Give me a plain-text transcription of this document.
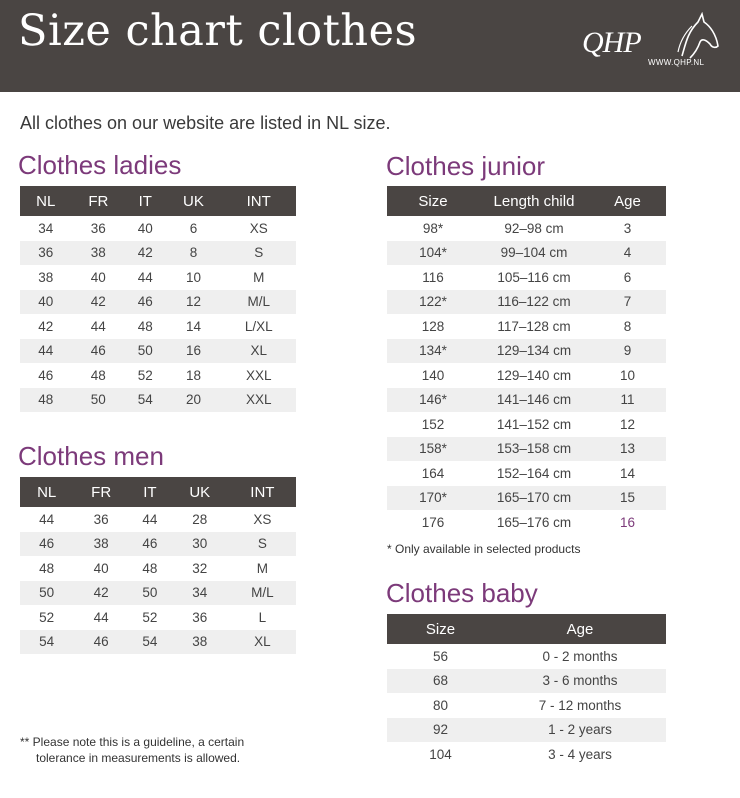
Size chart clothes	QHP
WWW.QHP.NL
All clothes on our website are listed in NL size.
Clothes ladies
NL	FR	IT	UK	INT
34	36	40	6	XS
36	38	42	8	S
38	40	44	10	M
40	42	46	12	M/L
42	44	48	14	L/XL
44	46	50	16	XL
46	48	52	18	XXL
48	50	54	20	XXL
Clothes men
NL	FR	IT	UK	INT
44	36	44	28	XS
46	38	46	30	S
48	40	48	32	M
50	42	50	34	M/L
52	44	52	36	L
54	46	54	38	XL
Clothes junior
Size	Length child	Age
98*	92–98 cm	3
104*	99–104 cm	4
116	105–116 cm	6
122*	116–122 cm	7
128	117–128 cm	8
134*	129–134 cm	9
140	129–140 cm	10
146*	141–146 cm	11
152	141–152 cm	12
158*	153–158 cm	13
164	152–164 cm	14
170*	165–170 cm	15
176	165–176 cm	16
* Only available in selected products
Clothes baby
Size	Age
56	0 - 2 months
68	3 - 6 months
80	7 - 12 months
92	1 - 2 years
104	3 - 4 years
** Please note this is a guideline, a certain
tolerance in measurements is allowed.
